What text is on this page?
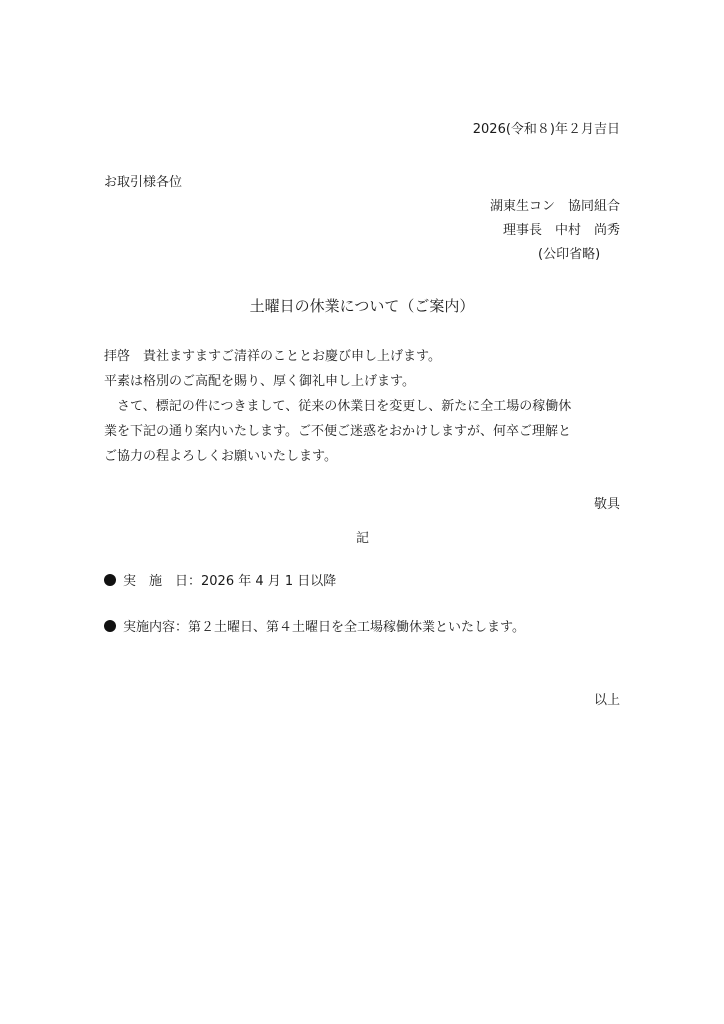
2026(令和８)年２月吉日
お取引様各位
湖東生コン　協同組合
理事長　中村　尚秀
(公印省略)
土曜日の休業について（ご案内）
拝啓　貴社ますますご清祥のこととお慶び申し上げます。
平素は格別のご高配を賜り、厚く御礼申し上げます。
　さて、標記の件につきまして、従来の休業日を変更し、新たに全工場の稼働休
業を下記の通り案内いたします。ご不便ご迷惑をおかけしますが、何卒ご理解と
ご協力の程よろしくお願いいたします。
敬具
記
実　施　日：2026 年 4 月 1 日以降
実施内容：第２土曜日、第４土曜日を全工場稼働休業といたします。
以上
